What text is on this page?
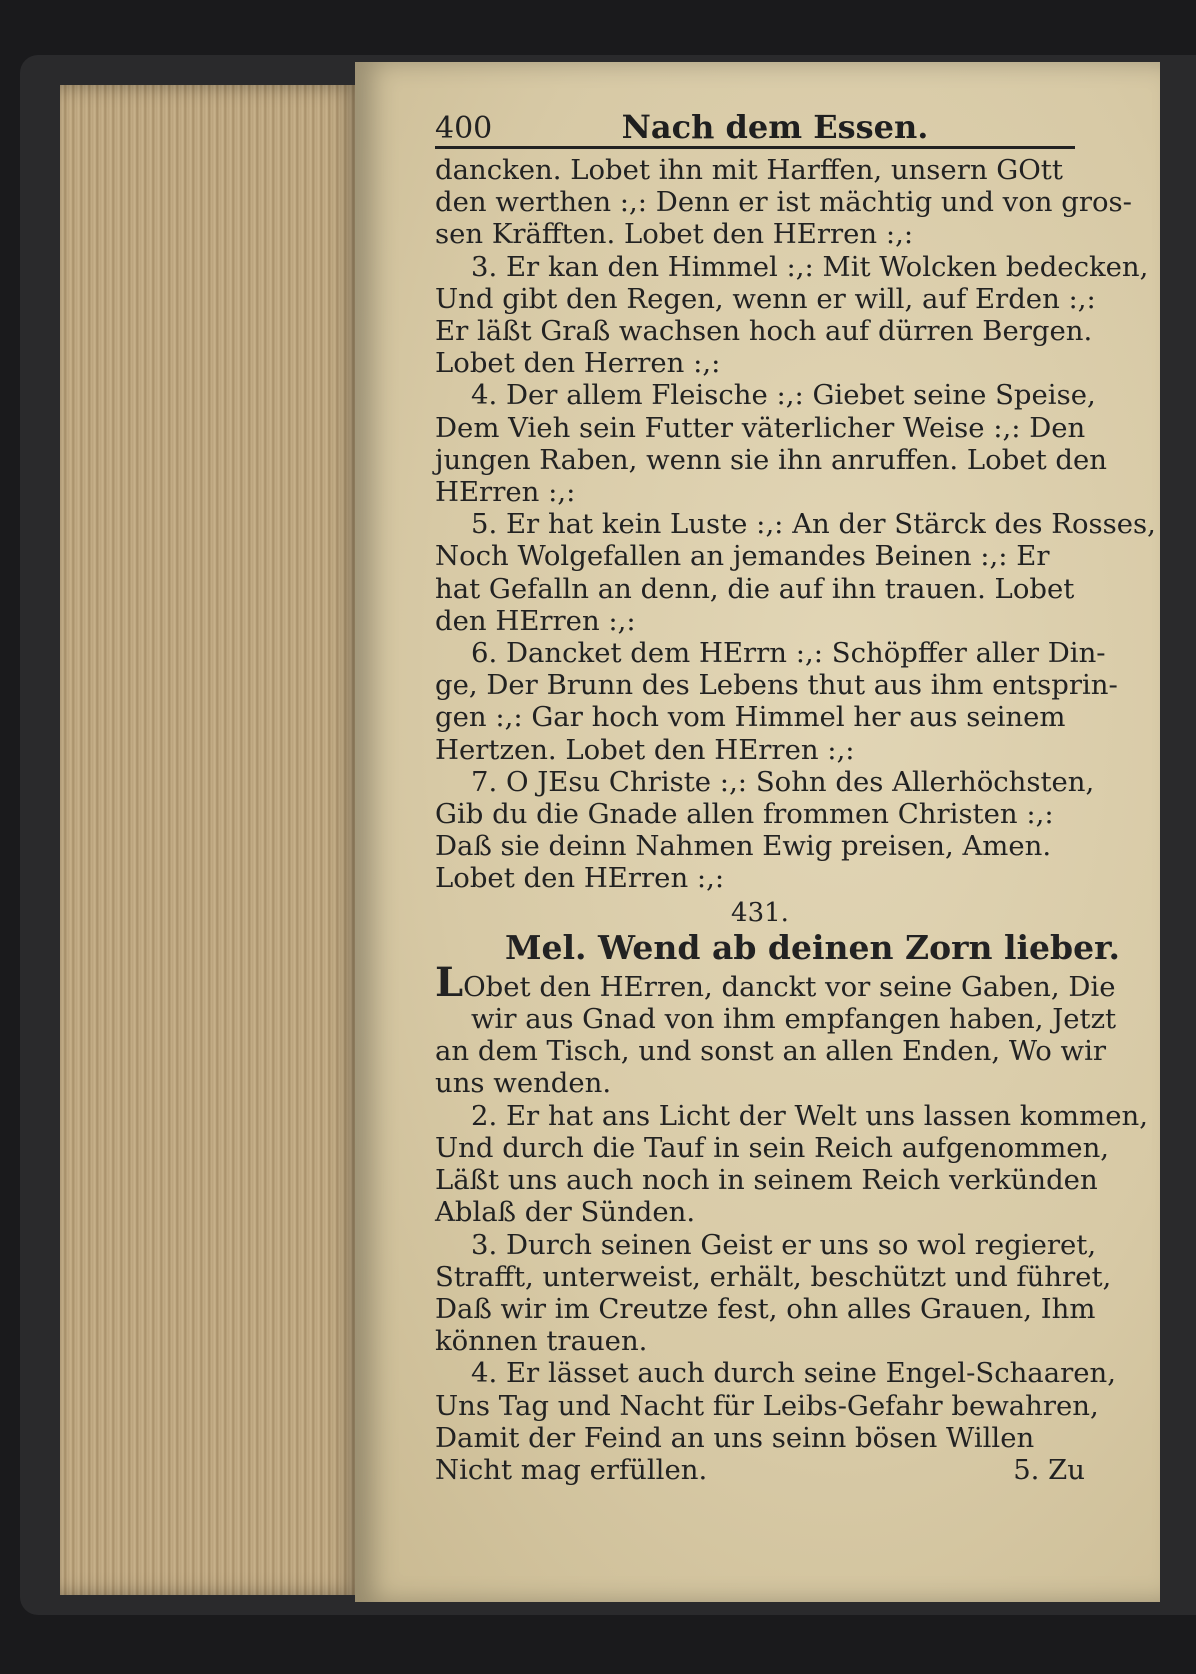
400	Nach dem Essen.
dancken. Lobet ihn mit Harffen, unsern GOtt
den werthen :,: Denn er ist mächtig und von gros-
sen Kräfften. Lobet den HErren :,:
3. Er kan den Himmel :,: Mit Wolcken bedecken,
Und gibt den Regen, wenn er will, auf Erden :,:
Er läßt Graß wachsen hoch auf dürren Bergen.
Lobet den Herren :,:
4. Der allem Fleische :,: Giebet seine Speise,
Dem Vieh sein Futter väterlicher Weise :,: Den
jungen Raben, wenn sie ihn anruffen. Lobet den
HErren :,:
5. Er hat kein Luste :,: An der Stärck des Rosses,
Noch Wolgefallen an jemandes Beinen :,: Er
hat Gefalln an denn, die auf ihn trauen. Lobet
den HErren :,:
6. Dancket dem HErrn :,: Schöpffer aller Din-
ge, Der Brunn des Lebens thut aus ihm entsprin-
gen :,: Gar hoch vom Himmel her aus seinem
Hertzen. Lobet den HErren :,:
7. O JEsu Christe :,: Sohn des Allerhöchsten,
Gib du die Gnade allen frommen Christen :,:
Daß sie deinn Nahmen Ewig preisen, Amen.
Lobet den HErren :,:
431.
Mel. Wend ab deinen Zorn lieber.
LObet den HErren, danckt vor seine Gaben, Die
wir aus Gnad von ihm empfangen haben, Jetzt
an dem Tisch, und sonst an allen Enden, Wo wir
uns wenden.
2. Er hat ans Licht der Welt uns lassen kommen,
Und durch die Tauf in sein Reich aufgenommen,
Läßt uns auch noch in seinem Reich verkünden
Ablaß der Sünden.
3. Durch seinen Geist er uns so wol regieret,
Strafft, unterweist, erhält, beschützt und führet,
Daß wir im Creutze fest, ohn alles Grauen, Ihm
können trauen.
4. Er lässet auch durch seine Engel-Schaaren,
Uns Tag und Nacht für Leibs-Gefahr bewahren,
Damit der Feind an uns seinn bösen Willen
Nicht mag erfüllen.	5. Zu
